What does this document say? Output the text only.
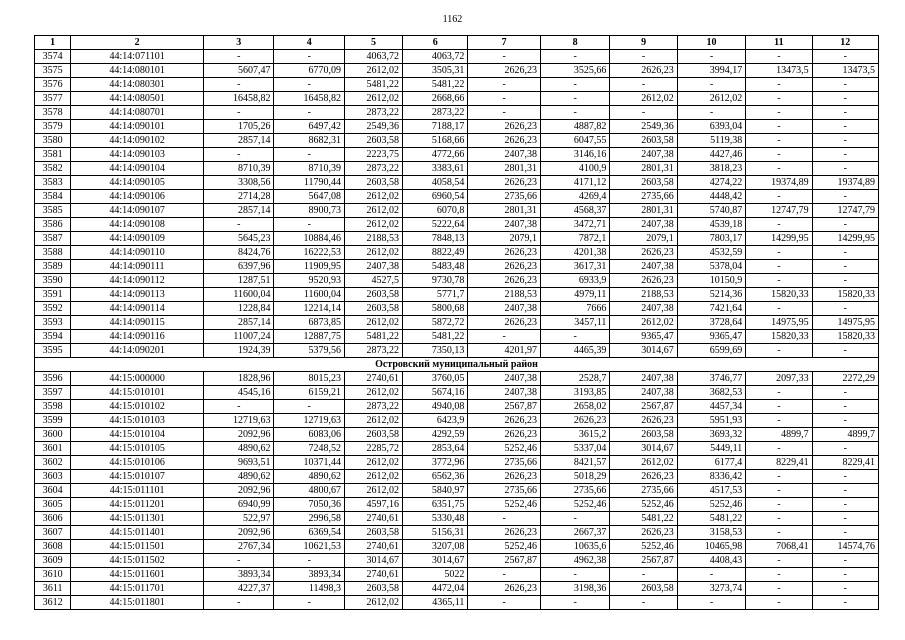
1162
1	2	3	4	5	6	7	8	9	10	11	12
3574	44:14:071101	-	-	4063,72	4063,72	-	-	-	-	-	-
3575	44:14:080101	5607,47	6770,09	2612,02	3505,31	2626,23	3525,66	2626,23	3994,17	13473,5	13473,5
3576	44:14:080301	-	-	5481,22	5481,22	-	-	-	-	-	-
3577	44:14:080501	16458,82	16458,82	2612,02	2668,66	-	-	2612,02	2612,02	-	-
3578	44:14:080701	-	-	2873,22	2873,22	-	-	-	-	-	-
3579	44:14:090101	1705,26	6497,42	2549,36	7188,17	2626,23	4887,82	2549,36	6393,04	-	-
3580	44:14:090102	2857,14	8682,31	2603,58	5168,66	2626,23	6047,55	2603,58	5119,38	-	-
3581	44:14:090103	-	-	2223,75	4772,66	2407,38	3146,16	2407,38	4427,46	-	-
3582	44:14:090104	8710,39	8710,39	2873,22	3383,61	2801,31	4100,9	2801,31	3818,23	-	-
3583	44:14:090105	3308,56	11790,44	2603,58	4058,54	2626,23	4171,12	2603,58	4274,22	19374,89	19374,89
3584	44:14:090106	2714,28	5647,08	2612,02	6960,54	2735,66	4269,4	2735,66	4448,42	-	-
3585	44:14:090107	2857,14	8900,73	2612,02	6070,8	2801,31	4568,37	2801,31	5740,87	12747,79	12747,79
3586	44:14:090108	-	-	2612,02	5222,64	2407,38	3472,71	2407,38	4539,18	-	-
3587	44:14:090109	5645,23	10884,46	2188,53	7848,13	2079,1	7872,1	2079,1	7803,17	14299,95	14299,95
3588	44:14:090110	8424,76	16222,53	2612,02	8822,49	2626,23	4201,38	2626,23	4532,59	-	-
3589	44:14:090111	6397,96	11909,95	2407,38	5483,48	2626,23	3617,31	2407,38	5378,04	-	-
3590	44:14:090112	1287,51	9520,93	4527,5	9730,78	2626,23	6933,9	2626,23	10150,9	-	-
3591	44:14:090113	11600,04	11600,04	2603,58	5771,7	2188,53	4979,11	2188,53	5214,36	15820,33	15820,33
3592	44:14:090114	1228,84	12214,14	2603,58	5800,68	2407,38	7666	2407,38	7421,64	-	-
3593	44:14:090115	2857,14	6873,85	2612,02	5872,72	2626,23	3457,11	2612,02	3728,64	14975,95	14975,95
3594	44:14:090116	11007,24	12887,75	5481,22	5481,22	-	-	9365,47	9365,47	15820,33	15820,33
3595	44:14:090201	1924,39	5379,56	2873,22	7350,13	4201,97	4465,39	3014,67	6599,69	-	-
Островский муниципальный район											
3596	44:15:000000	1828,96	8015,23	2740,61	3760,05	2407,38	2528,7	2407,38	3746,77	2097,33	2272,29
3597	44:15:010101	4545,16	6159,21	2612,02	5674,16	2407,38	3193,85	2407,38	3682,53	-	-
3598	44:15:010102	-	-	2873,22	4940,08	2567,87	2658,02	2567,87	4457,34	-	-
3599	44:15:010103	12719,63	12719,63	2612,02	6423,9	2626,23	2626,23	2626,23	5951,93	-	-
3600	44:15:010104	2092,96	6083,06	2603,58	4292,59	2626,23	3615,2	2603,58	3693,32	4899,7	4899,7
3601	44:15:010105	4890,62	7248,52	2285,72	2853,64	5252,46	5337,04	3014,67	5449,11	-	-
3602	44:15:010106	9693,51	10371,44	2612,02	3772,96	2735,66	8421,57	2612,02	6177,4	8229,41	8229,41
3603	44:15:010107	4890,62	4890,62	2612,02	6562,36	2626,23	5018,29	2626,23	8336,42	-	-
3604	44:15:011101	2092,96	4800,67	2612,02	5840,97	2735,66	2735,66	2735,66	4517,53	-	-
3605	44:15:011201	6940,99	7050,36	4597,16	6351,75	5252,46	5252,46	5252,46	5252,46	-	-
3606	44:15:011301	522,97	2996,58	2740,61	5330,48	-	-	5481,22	5481,22	-	-
3607	44:15:011401	2092,96	6369,54	2603,58	5156,31	2626,23	2667,37	2626,23	3158,53	-	-
3608	44:15:011501	2767,34	10621,53	2740,61	3207,08	5252,46	10635,6	5252,46	10465,98	7068,41	14574,76
3609	44:15:011502	-	-	3014,67	3014,67	2567,87	4962,38	2567,87	4408,43	-	-
3610	44:15:011601	3893,34	3893,34	2740,61	5022	-	-	-	-	-	-
3611	44:15:011701	4227,37	11498,3	2603,58	4472,04	2626,23	3198,36	2603,58	3273,74	-	-
3612	44:15:011801	-	-	2612,02	4365,11	-	-	-	-	-	-
